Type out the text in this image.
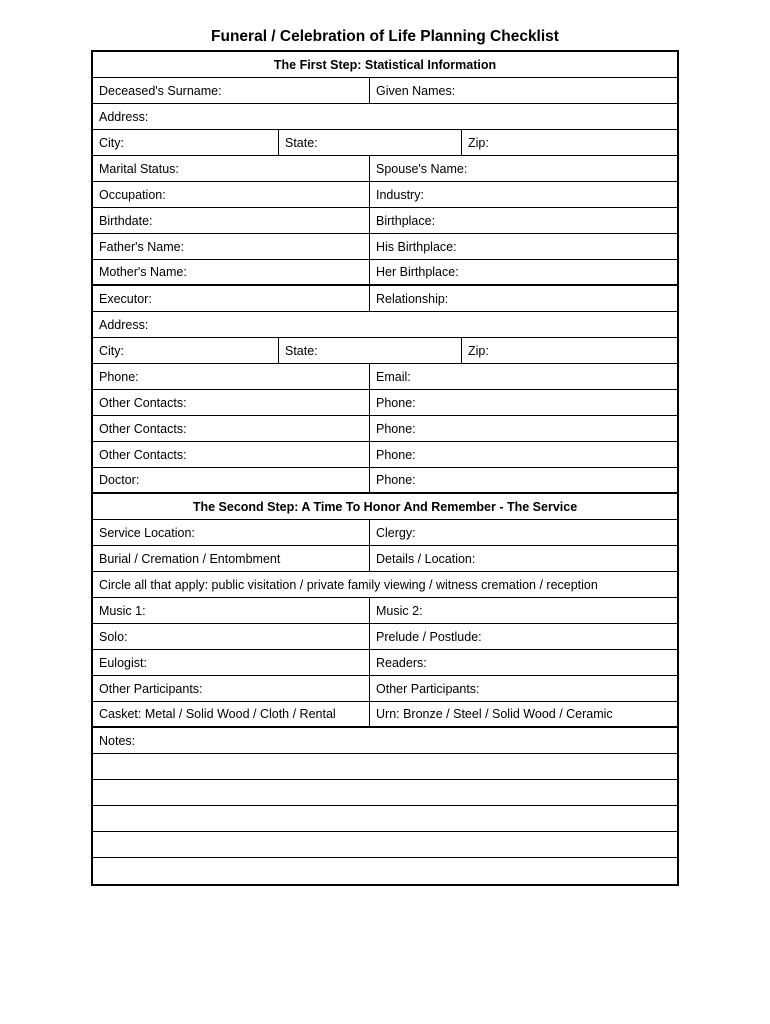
Funeral / Celebration of Life Planning Checklist
The First Step: Statistical Information
Deceased's Surname:	Given Names:
Address:
City:	State:	Zip:
Marital Status:	Spouse's Name:
Occupation:	Industry:
Birthdate:	Birthplace:
Father's Name:	His Birthplace:
Mother's Name:	Her Birthplace:
Executor:	Relationship:
Address:
City:	State:	Zip:
Phone:	Email:
Other Contacts:	Phone:
Other Contacts:	Phone:
Other Contacts:	Phone:
Doctor:	Phone:
The Second Step: A Time To Honor And Remember - The Service
Service Location:	Clergy:
Burial / Cremation / Entombment	Details / Location:
Circle all that apply: public visitation / private family viewing / witness cremation / reception
Music 1:	Music 2:
Solo:	Prelude / Postlude:
Eulogist:	Readers:
Other Participants:	Other Participants:
Casket: Metal / Solid Wood / Cloth / Rental	Urn: Bronze / Steel / Solid Wood / Ceramic
Notes:
